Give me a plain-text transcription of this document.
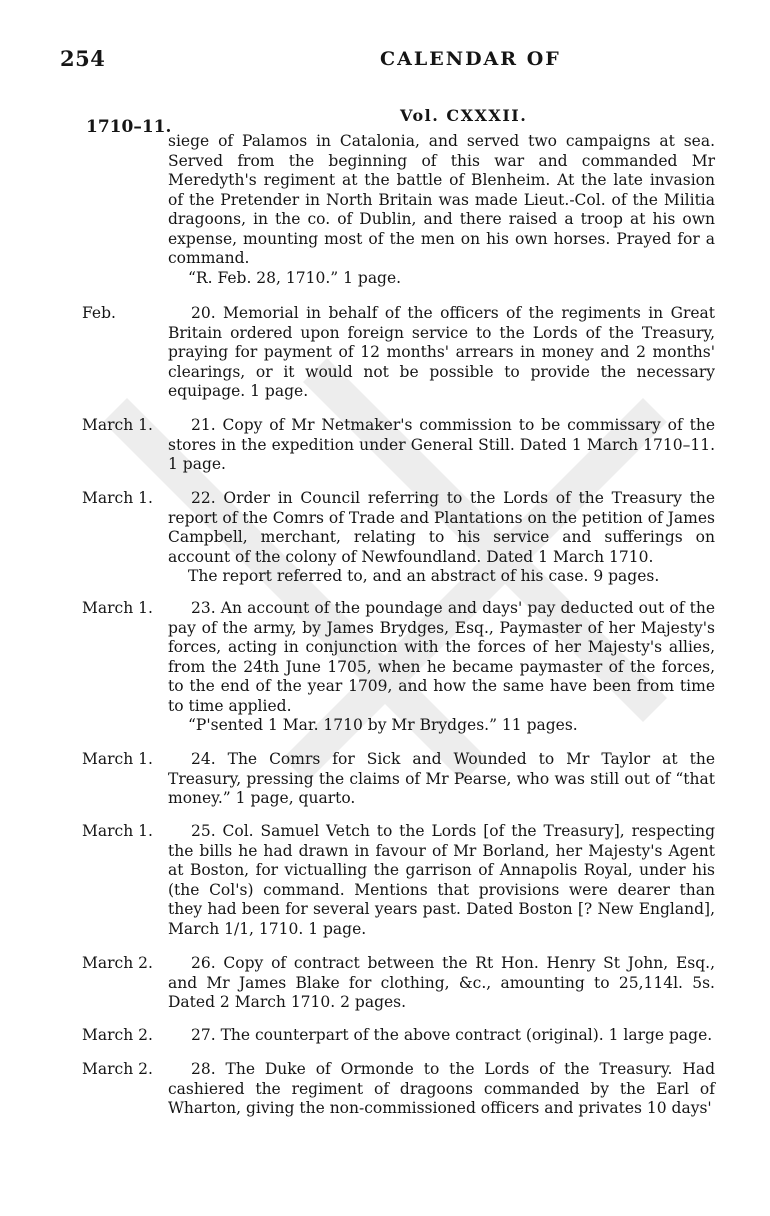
254	CALENDAR OF
1710–11.
Vol. CXXXII.
siege of Palamos in Catalonia, and served two campaigns at sea. Served from the beginning of this war and commanded Mr Meredyth's regiment at the battle of Blenheim. At the late invasion of the Pretender in North Britain was made Lieut.-Col. of the Militia dragoons, in the co. of Dublin, and there raised a troop at his own expense, mounting most of the men on his own horses. Prayed for a command.
“R. Feb. 28, 1710.” 1 page.
Feb.	20. Memorial in behalf of the officers of the regiments in Great Britain ordered upon foreign service to the Lords of the Treasury, praying for payment of 12 months' arrears in money and 2 months' clearings, or it would not be possible to provide the necessary equipage. 1 page.
March 1.	21. Copy of Mr Netmaker's commission to be commissary of the stores in the expedition under General Still. Dated 1 March 1710–11. 1 page.
March 1.	22. Order in Council referring to the Lords of the Treasury the report of the Comrs of Trade and Plantations on the petition of James Campbell, merchant, relating to his service and sufferings on account of the colony of Newfoundland. Dated 1 March 1710.
The report referred to, and an abstract of his case. 9 pages.
March 1.	23. An account of the poundage and days' pay deducted out of the pay of the army, by James Brydges, Esq., Paymaster of her Majesty's forces, acting in conjunction with the forces of her Majesty's allies, from the 24th June 1705, when he became paymaster of the forces, to the end of the year 1709, and how the same have been from time to time applied.
“P'sented 1 Mar. 1710 by Mr Brydges.” 11 pages.
March 1.	24. The Comrs for Sick and Wounded to Mr Taylor at the Treasury, pressing the claims of Mr Pearse, who was still out of “that money.” 1 page, quarto.
March 1.	25. Col. Samuel Vetch to the Lords [of the Treasury], respecting the bills he had drawn in favour of Mr Borland, her Majesty's Agent at Boston, for victualling the garrison of Annapolis Royal, under his (the Col's) command. Mentions that provisions were dearer than they had been for several years past. Dated Boston [? New England], March 1/1, 1710. 1 page.
March 2.	26. Copy of contract between the Rt Hon. Henry St John, Esq., and Mr James Blake for clothing, &c., amounting to 25,114l. 5s. Dated 2 March 1710. 2 pages.
March 2.	27. The counterpart of the above contract (original). 1 large page.
March 2.	28. The Duke of Ormonde to the Lords of the Treasury. Had cashiered the regiment of dragoons commanded by the Earl of Wharton, giving the non-commissioned officers and privates 10 days'
